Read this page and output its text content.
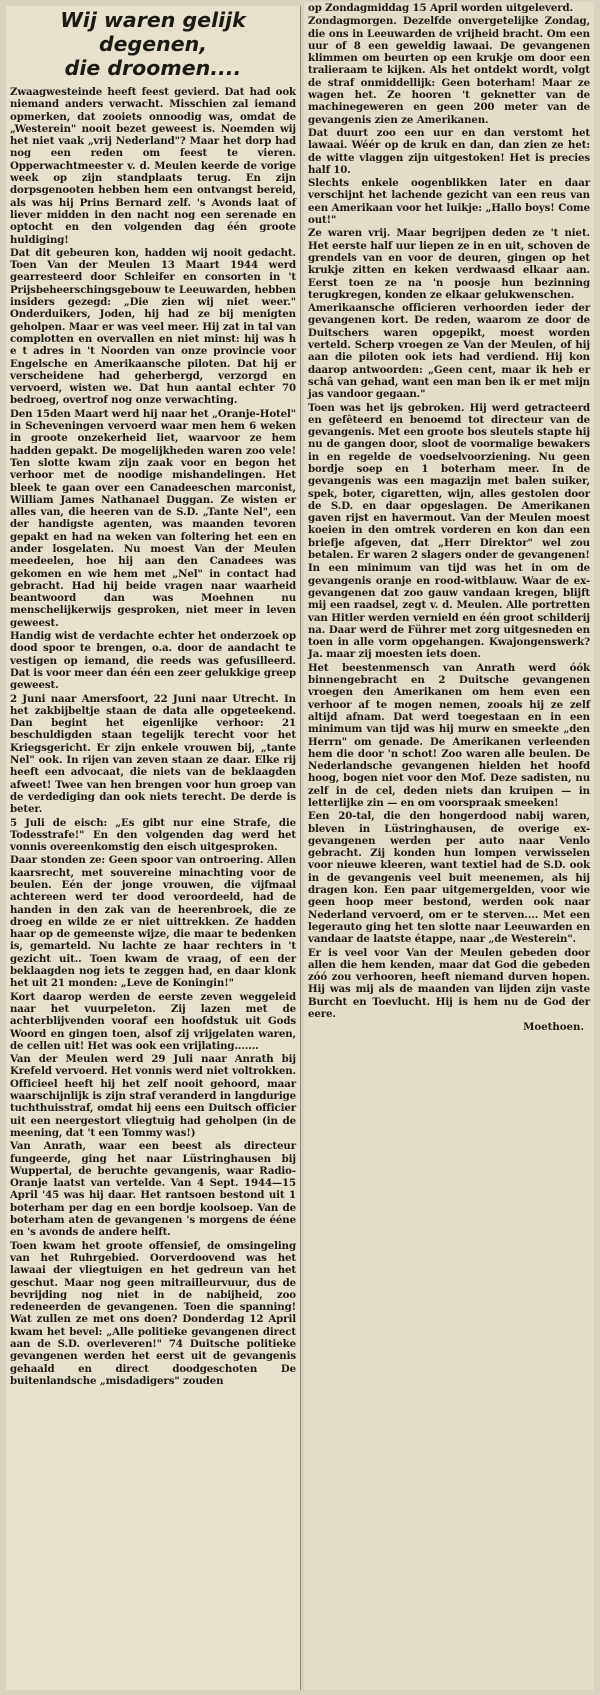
Wij waren gelijk degenen,
die droomen....

Zwaagwesteinde heeft feest gevierd. Dat had ook niemand anders verwacht. Misschien zal iemand opmerken, dat zooiets onnoodig was, omdat de „Westerein" nooit bezet geweest is. Noemden wij het niet vaak „vrij Nederland"? Maar het dorp had nog een reden om feest te vieren. Opperwachtmeester v. d. Meulen keerde de vorige week op zijn standplaats terug. En zijn dorpsgenooten hebben hem een ontvangst bereid, als was hij Prins Bernard zelf. 's Avonds laat of liever midden in den nacht nog een serenade en optocht en den volgenden dag één groote huldiging!

Dat dit gebeuren kon, hadden wij nooit gedacht. Toen Van der Meulen 13 Maart 1944 werd gearresteerd door Schleifer en consorten in 't Prijsbeheerschingsgebouw te Leeuwarden, hebben insiders gezegd: „Die zien wij niet weer." Onderduikers, Joden, hij had ze bij menigten geholpen. Maar er was veel meer. Hij zat in tal van complotten en overvallen en niet minst: hij was h e t adres in 't Noorden van onze provincie voor Engelsche en Amerikaansche piloten. Dat hij er verscheidene had geherbergd, verzorgd en vervoerd, wisten we. Dat hun aantal echter 70 bedroeg, overtrof nog onze verwachting.

Den 15den Maart werd hij naar het „Oranje-Hotel" in Scheveningen vervoerd waar men hem 6 weken in groote onzekerheid liet, waarvoor ze hem hadden gepakt. De mogelijkheden waren zoo vele! Ten slotte kwam zijn zaak voor en begon het verhoor met de noodige mishandelingen. Het bleek te gaan over een Canadeeschen marconist, William James Nathanael Duggan. Ze wisten er alles van, die heeren van de S.D. „Tante Nel", een der handigste agenten, was maanden tevoren gepakt en had na weken van foltering het een en ander losgelaten. Nu moest Van der Meulen meedeelen, hoe hij aan den Canadees was gekomen en wie hem met „Nel" in contact had gebracht. Had hij beide vragen naar waarheid beantwoord dan was Moehnen nu menschelijkerwijs gesproken, niet meer in leven geweest.

Handig wist de verdachte echter het onderzoek op dood spoor te brengen, o.a. door de aandacht te vestigen op iemand, die reeds was gefusilleerd. Dat is voor meer dan één een zeer gelukkige greep geweest.

2 Juni naar Amersfoort, 22 Juni naar Utrecht. In het zakbijbeltje staan de data alle opgeteekend. Dan begint het eigenlijke verhoor: 21 beschuldigden staan tegelijk terecht voor het Kriegsgericht. Er zijn enkele vrouwen bij, „tante Nel" ook. In rijen van zeven staan ze daar. Elke rij heeft een advocaat, die niets van de beklaagden afweet! Twee van hen brengen voor hun groep van de verdediging dan ook niets terecht. De derde is beter.

5 Juli de eisch: „Es gibt nur eine Strafe, die Todesstrafe!" En den volgenden dag werd het vonnis overeenkomstig den eisch uitgesproken.

Daar stonden ze: Geen spoor van ontroering. Allen kaarsrecht, met souvereine minachting voor de beulen. Eén der jonge vrouwen, die vijfmaal achtereen werd ter dood veroordeeld, had de handen in den zak van de heerenbroek, die ze droeg en wilde ze er niet uittrekken. Ze hadden haar op de gemeenste wijze, die maar te bedenken is, gemarteld. Nu lachte ze haar rechters in 't gezicht uit.. Toen kwam de vraag, of een der beklaagden nog iets te zeggen had, en daar klonk het uit 21 monden: „Leve de Koningin!"

Kort daarop werden de eerste zeven weggeleid naar het vuurpeleton. Zij lazen met de achterblijvenden vooraf een hoofdstuk uit Gods Woord en gingen toen, alsof zij vrijgelaten waren, de cellen uit! Het was ook een vrijlating.......

Van der Meulen werd 29 Juli naar Anrath bij Krefeld vervoerd. Het vonnis werd niet voltrokken. Officieel heeft hij het zelf nooit gehoord, maar waarschijnlijk is zijn straf veranderd in langdurige tuchthuisstraf, omdat hij eens een Duitsch officier uit een neergestort vliegtuig had geholpen (in de meening, dat 't een Tommy was!)

Van Anrath, waar een beest als directeur fungeerde, ging het naar Lüstringhausen bij Wuppertal, de beruchte gevangenis, waar Radio-Oranje laatst van vertelde. Van 4 Sept. 1944—15 April '45 was hij daar. Het rantsoen bestond uit 1 boterham per dag en een bordje koolsoep. Van de boterham aten de gevangenen 's morgens de ééne en 's avonds de andere helft.

Toen kwam het groote offensief, de omsingeling van het Ruhrgebied. Oorverdoovend was het lawaai der vliegtuigen en het gedreun van het geschut. Maar nog geen mitrailleurvuur, dus de bevrijding nog niet in de nabijheid, zoo redeneerden de gevangenen. Toen die spanning! Wat zullen ze met ons doen? Donderdag 12 April kwam het bevel: „Alle politieke gevangenen direct aan de S.D. overleveren!" 74 Duitsche politieke gevangenen werden het eerst uit de gevangenis gehaald en direct doodgeschoten De buitenlandsche „misdadigers" zouden

op Zondagmiddag 15 April worden uitgeleverd.

Zondagmorgen. Dezelfde onvergetelijke Zondag, die ons in Leeuwarden de vrijheid bracht. Om een uur of 8 een geweldig lawaai. De gevangenen klimmen om beurten op een krukje om door een tralieraam te kijken. Als het ontdekt wordt, volgt de straf onmiddellijk: Geen boterham! Maar ze wagen het. Ze hooren 't geknetter van de machinegeweren en geen 200 meter van de gevangenis zien ze Amerikanen.

Dat duurt zoo een uur en dan verstomt het lawaai. Wéér op de kruk en dan, dan zien ze het: de witte vlaggen zijn uitgestoken! Het is precies half 10.

Slechts enkele oogenblikken later en daar verschijnt het lachende gezicht van een reus van een Amerikaan voor het luikje: „Hallo boys! Come out!"

Ze waren vrij. Maar begrijpen deden ze 't niet. Het eerste half uur liepen ze in en uit, schoven de grendels van en voor de deuren, gingen op het krukje zitten en keken verdwaasd elkaar aan. Eerst toen ze na 'n poosje hun bezinning terugkregen, konden ze elkaar gelukwenschen.

Amerikaansche officieren verhoorden ieder der gevangenen kort. De reden, waarom ze door de Duitschers waren opgepikt, moest worden verteld. Scherp vroegen ze Van der Meulen, of hij aan die piloten ook iets had verdiend. Hij kon daarop antwoorden: „Geen cent, maar ik heb er schâ van gehad, want een man ben ik er met mijn jas vandoor gegaan."

Toen was het ijs gebroken. Hij werd getracteerd en gefêteerd en benoemd tot directeur van de gevangenis. Met een groote bos sleutels stapte hij nu de gangen door, sloot de voormalige bewakers in en regelde de voedselvoorziening. Nu geen bordje soep en 1 boterham meer. In de gevangenis was een magazijn met balen suiker, spek, boter, cigaretten, wijn, alles gestolen door de S.D. en daar opgeslagen. De Amerikanen gaven rijst en havermout. Van der Meulen moest koeien in den omtrek vorderen en kon dan een briefje afgeven, dat „Herr Direktor" wel zou betalen. Er waren 2 slagers onder de gevangenen!

In een minimum van tijd was het in om de gevangenis oranje en rood-witblauw. Waar de ex-gevangenen dat zoo gauw vandaan kregen, blijft mij een raadsel, zegt v. d. Meulen. Alle portretten van Hitler werden vernield en één groot schilderij na. Daar werd de Führer met zorg uitgesneden en toen in alle vorm opgehangen. Kwajongenswerk? Ja. maar zij moesten iets doen.

Het beestenmensch van Anrath werd óók binnengebracht en 2 Duitsche gevangenen vroegen den Amerikanen om hem even een verhoor af te mogen nemen, zooals hij ze zelf altijd afnam. Dat werd toegestaan en in een minimum van tijd was hij murw en smeekte „den Herrn" om genade. De Amerikanen verleenden hem die door 'n schot! Zoo waren alle beulen. De Nederlandsche gevangenen hielden het hoofd hoog, bogen niet voor den Mof. Deze sadisten, nu zelf in de cel, deden niets dan kruipen — in letterlijke zin — en om voorspraak smeeken!

Een 20-tal, die den hongerdood nabij waren, bleven in Lüstringhausen, de overige ex-gevangenen werden per auto naar Venlo gebracht. Zij konden hun lompen verwisselen voor nieuwe kleeren, want textiel had de S.D. ook in de gevangenis veel buit meenemen, als hij dragen kon. Een paar uitgemergelden, voor wie geen hoop meer bestond, werden ook naar Nederland vervoerd, om er te sterven.... Met een legerauto ging het ten slotte naar Leeuwarden en vandaar de laatste étappe, naar „de Westerein".

Er is veel voor Van der Meulen gebeden door allen die hem kenden, maar dat God die gebeden zóó zou verhooren, heeft niemand durven hopen. Hij was mij als de maanden van lijden zijn vaste Burcht en Toevlucht. Hij is hem nu de God der eere.

Moethoen.
